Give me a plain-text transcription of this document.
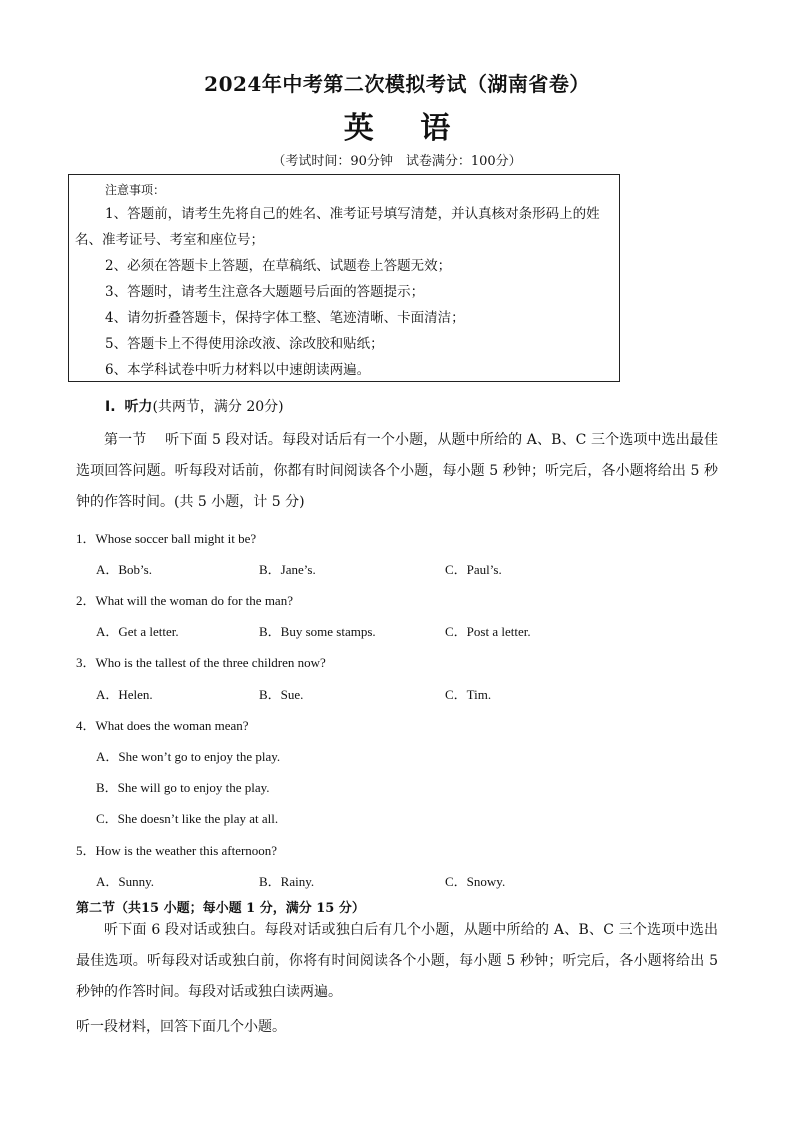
2024年中考第二次模拟考试（湖南省卷）
英 语
（考试时间：90分钟　试卷满分：100分）
注意事项：
1、答题前，请考生先将自己的姓名、准考证号填写清楚，并认真核对条形码上的姓名、准考证号、考室和座位号；
2、必须在答题卡上答题，在草稿纸、试题卷上答题无效；
3、答题时，请考生注意各大题题号后面的答题提示；
4、请勿折叠答题卡，保持字体工整、笔迹清晰、卡面清洁；
5、答题卡上不得使用涂改液、涂改胶和贴纸；
6、本学科试卷中听力材料以中速朗读两遍。
I. 听力(共两节，满分 20分)
第一节　 听下面 5 段对话。每段对话后有一个小题，从题中所给的 A、B、C 三个选项中选出最佳选项回答问题。听每段对话前，你都有时间阅读各个小题，每小题 5 秒钟；听完后，各小题将给出 5 秒钟的作答时间。(共 5 小题，计 5 分)
1．Whose soccer ball might it be?
A．Bob’s.	B．Jane’s.	C．Paul’s.
2．What will the woman do for the man?
A．Get a letter.	B．Buy some stamps.	C．Post a letter.
3．Who is the tallest of the three children now?
A．Helen.	B．Sue.	C．Tim.
4．What does the woman mean?
A．She won’t go to enjoy the play.
B．She will go to enjoy the play.
C．She doesn’t like the play at all.
5．How is the weather this afternoon?
A．Sunny.	B．Rainy.	C．Snowy.
第二节（共15 小题；每小题 1 分，满分 15 分）
听下面 6 段对话或独白。每段对话或独白后有几个小题，从题中所给的 A、B、C 三个选项中选出最佳选项。听每段对话或独白前，你将有时间阅读各个小题，每小题 5 秒钟；听完后，各小题将给出 5 秒钟的作答时间。每段对话或独白读两遍。
听一段材料，回答下面几个小题。
